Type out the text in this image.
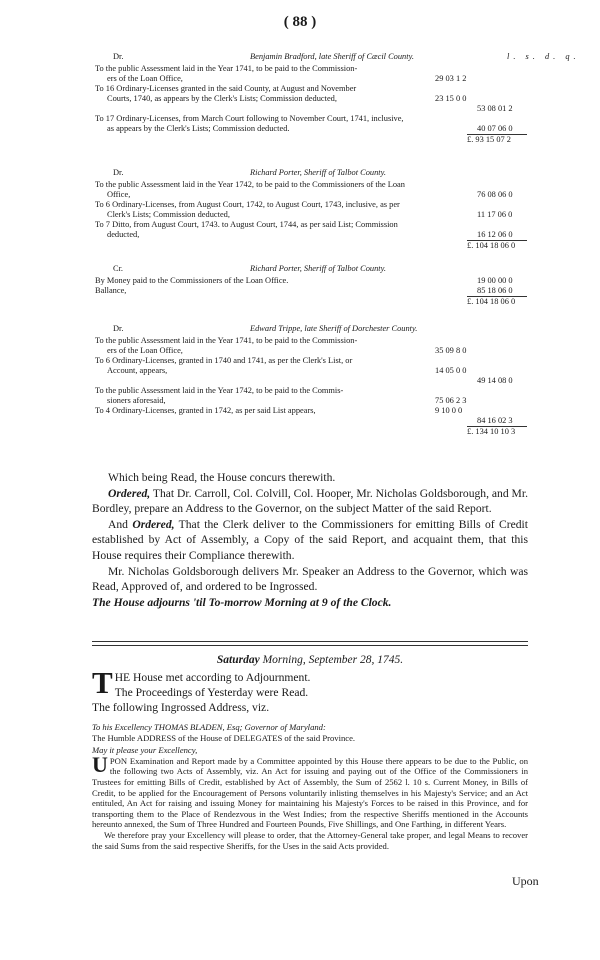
( 88 )
Dr.	Benjamin Bradford, late Sheriff of Cæcil County.	l. s. d. q.
To the public Assessment laid in the Year 1741, to be paid to the Commission-
ers of the Loan Office,	29 03 1 2
To 16 Ordinary-Licenses granted in the said County, at August and November
Courts, 1740, as appears by the Clerk's Lists; Commission deducted,	23 15 0 0
53 08 01 2
To 17 Ordinary-Licenses, from March Court following to November Court, 1741, inclusive,
as appears by the Clerk's Lists; Commission deducted.	40 07 06 0
£. 93 15 07 2
Dr.	Richard Porter, Sheriff of Talbot County.
To the public Assessment laid in the Year 1742, to be paid to the Commissioners of the Loan
Office,	76 08 06 0
To 6 Ordinary-Licenses, from August Court, 1742, to August Court, 1743, inclusive, as per
Clerk's Lists; Commission deducted,	11 17 06 0
To 7 Ditto, from August Court, 1743. to August Court, 1744, as per said List; Commission
deducted,	16 12 06 0
£. 104 18 06 0
Cr.	Richard Porter, Sheriff of Talbot County.
By Money paid to the Commissioners of the Loan Office.	19 00 00 0
Ballance,	85 18 06 0
£. 104 18 06 0
Dr.	Edward Trippe, late Sheriff of Dorchester County.
To the public Assessment laid in the Year 1741, to be paid to the Commission-
ers of the Loan Office,	35 09 8 0
To 6 Ordinary-Licenses, granted in 1740 and 1741, as per the Clerk's List, or
Account, appears,	14 05 0 0
49 14 08 0
To the public Assessment laid in the Year 1742, to be paid to the Commis-
sioners aforesaid,	75 06 2 3
To 4 Ordinary-Licenses, granted in 1742, as per said List appears,	9 10 0 0
84 16 02 3
£. 134 10 10 3

Which being Read, the House concurs therewith.

Ordered, That Dr. Carroll, Col. Colvill, Col. Hooper, Mr. Nicholas Goldsborough, and Mr. Bordley, prepare an Address to the Governor, on the subject Matter of the said Report.

And Ordered, That the Clerk deliver to the Commissioners for emitting Bills of Credit established by Act of Assembly, a Copy of the said Report, and acquaint them, that this House requires their Compliance therewith.

Mr. Nicholas Goldsborough delivers Mr. Speaker an Address to the Governor, which was Read, Approved of, and ordered to be Ingrossed.

The House adjourns 'til To-morrow Morning at 9 of the Clock.

Saturday Morning, September 28, 1745.
T HE House met according to Adjournment.
The Proceedings of Yesterday were Read.
The following Ingrossed Address, viz.

To his Excellency THOMAS BLADEN, Esq; Governor of Maryland:

The Humble ADDRESS of the House of DELEGATES of the said Province.

May it please your Excellency,

UPON Examination and Report made by a Committee appointed by this House there appears to be due to the Public, on the following two Acts of Assembly, viz. An Act for issuing and paying out of the Office of the Commissioners in Trustees for emitting Bills of Credit, established by Act of Assembly, the Sum of 2562 l. 10 s. Current Money, in Bills of Credit, to be applied for the Encouragement of Persons voluntarily inlisting themselves in his Majesty's Service; and an Act entituled, An Act for raising and issuing Money for maintaining his Majesty's Forces to be raised in this Province, and for transporting them to the Place of Rendezvous in the West Indies; from the respective Sheriffs mentioned in the Accounts hereunto annexed, the Sum of Three Hundred and Fourteen Pounds, Five Shillings, and One Farthing, in different Years.

We therefore pray your Excellency will please to order, that the Attorney-General take proper, and legal Means to recover the said Sums from the said respective Sheriffs, for the Uses in the said Acts provided.

Upon
